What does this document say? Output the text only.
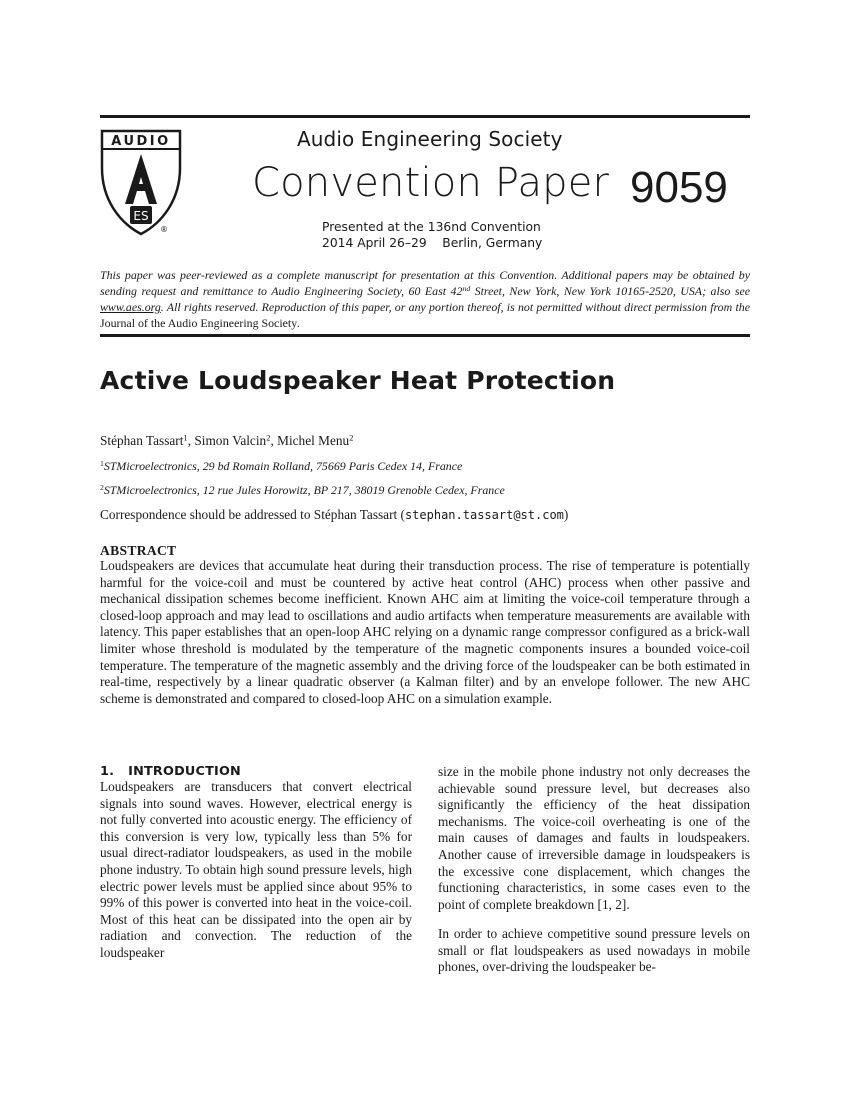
AUDIO
ES
®
Audio Engineering Society
Convention Paper 9059
Presented at the 136nd Convention
2014 April 26–29    Berlin, Germany
This paper was peer-reviewed as a complete manuscript for presentation at this Convention. Additional papers may be obtained by sending request and remittance to Audio Engineering Society, 60 East 42nd Street, New York, New York 10165-2520, USA; also see www.aes.org. All rights reserved. Reproduction of this paper, or any portion thereof, is not permitted without direct permission from the Journal of the Audio Engineering Society.
Active Loudspeaker Heat Protection
Stéphan Tassart$^1$, Simon Valcin$^2$, Michel Menu$^2$
$^1$STMicroelectronics, 29 bd Romain Rolland, 75669 Paris Cedex 14, France
$^2$STMicroelectronics, 12 rue Jules Horowitz, BP 217, 38019 Grenoble Cedex, France
Correspondence should be addressed to Stéphan Tassart (stephan.tassart@st.com)
ABSTRACT
Loudspeakers are devices that accumulate heat during their transduction process. The rise of temperature is potentially harmful for the voice-coil and must be countered by active heat control (AHC) process when other passive and mechanical dissipation schemes become inefficient. Known AHC aim at limiting the voice-coil temperature through a closed-loop approach and may lead to oscillations and audio artifacts when temperature measurements are available with latency. This paper establishes that an open-loop AHC relying on a dynamic range compressor configured as a brick-wall limiter whose threshold is modulated by the temperature of the magnetic components insures a bounded voice-coil temperature. The temperature of the magnetic assembly and the driving force of the loudspeaker can be both estimated in real-time, respectively by a linear quadratic observer (a Kalman filter) and by an envelope follower. The new AHC scheme is demonstrated and compared to closed-loop AHC on a simulation example.
1.   INTRODUCTION
Loudspeakers are transducers that convert electrical signals into sound waves. However, electrical energy is not fully converted into acoustic energy. The efficiency of this conversion is very low, typically less than 5% for usual direct-radiator loudspeakers, as used in the mobile phone industry. To obtain high sound pressure levels, high electric power levels must be applied since about 95% to 99% of this power is converted into heat in the voice-coil. Most of this heat can be dissipated into the open air by radiation and convection. The reduction of the loudspeaker
size in the mobile phone industry not only decreases the achievable sound pressure level, but decreases also significantly the efficiency of the heat dissipation mechanisms. The voice-coil overheating is one of the main causes of damages and faults in loudspeakers. Another cause of irreversible damage in loudspeakers is the excessive cone displacement, which changes the functioning characteristics, in some cases even to the point of complete breakdown [1, 2].
In order to achieve competitive sound pressure levels on small or flat loudspeakers as used nowadays in mobile phones, over-driving the loudspeaker be-
